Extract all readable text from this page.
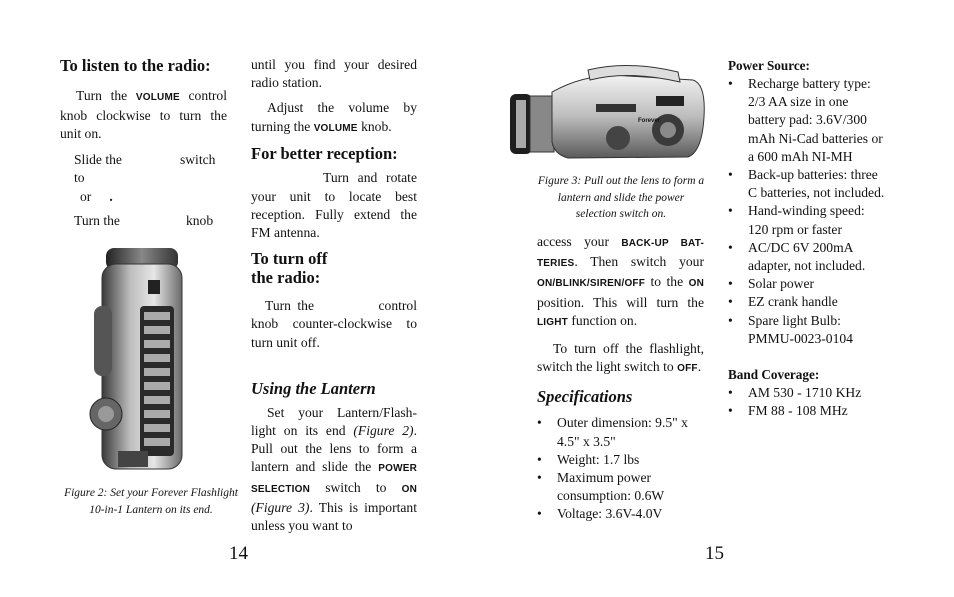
To listen to the radio:

Turn the VOLUME control knob clockwise to turn the unit on.

Slide the	switch to
or .

Turn the	knob

Figure 2: Set your Forever Flashlight 10-in-1 Lantern on its end.

until you find your desired radio station.

Adjust the volume by turning the VOLUME knob.

For better reception:

Turn and rotate your unit to locate best reception. Fully extend the FM antenna.

To turn off the radio:

Turn the	control knob counter-clockwise to turn unit off.

Using the Lantern

Set your Lantern/Flash-light on its end (Figure 2). Pull out the lens to form a lantern and slide the POWER SELECTION switch to ON (Figure 3). This is important unless you want to

14
Forever
Figure 3: Pull out the lens to form a lantern and slide the power selection switch on.

access your BACK-UP BAT-TERIES. Then switch your ON/BLINK/SIREN/OFF to the ON position. This will turn the LIGHT function on.

To turn off the flashlight, switch the light switch to OFF.

Specifications
• Outer dimension: 9.5" x 4.5" x 3.5"
• Weight: 1.7 lbs
• Maximum power consumption: 0.6W
• Voltage: 3.6V-4.0V
Power Source:
• Recharge battery type: 2/3 AA size in one battery pad: 3.6V/300 mAh Ni-Cad batteries or a 600 mAh NI-MH
• Back-up batteries: three C batteries, not included.
• Hand-winding speed: 120 rpm or faster
• AC/DC 6V 200mA adapter, not included.
• Solar power
• EZ crank handle
• Spare light Bulb: PMMU-0023-0104
Band Coverage:
• AM 530 - 1710 KHz
• FM 88 - 108 MHz
15
